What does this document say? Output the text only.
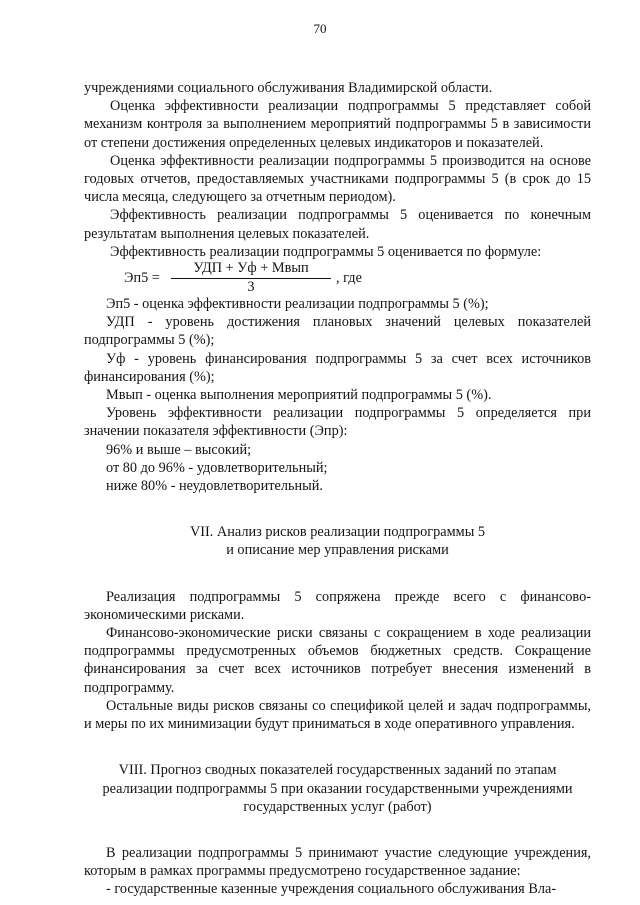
70

учреждениями социального обслуживания Владимирской области.

Оценка эффективности реализации подпрограммы 5 представляет собой механизм контроля за выполнением мероприятий подпрограммы 5 в зависимости от степени достижения определенных целевых индикаторов и показателей.

Оценка эффективности реализации подпрограммы 5 производится на основе годовых отчетов, предоставляемых участниками подпрограммы 5 (в срок до 15 числа месяца, следующего за отчетным периодом).

Эффективность реализации подпрограммы 5 оценивается по конечным результатам выполнения целевых показателей.

Эффективность реализации подпрограммы 5 оценивается по формуле:

Эп5 =
УДП + Уф + Мвып
3
, где

Эп5 - оценка эффективности реализации подпрограммы 5 (%);

УДП - уровень достижения плановых значений целевых показателей подпрограммы 5 (%);

Уф - уровень финансирования подпрограммы 5 за счет всех источников финансирования (%);

Мвып - оценка выполнения мероприятий подпрограммы 5 (%).

Уровень эффективности реализации подпрограммы 5 определяется при значении показателя эффективности (Эпр):

96% и выше – высокий;

от 80 до 96% - удовлетворительный;

ниже 80% - неудовлетворительный.

VII. Анализ рисков реализации подпрограммы 5
и описание мер управления рисками

Реализация подпрограммы 5 сопряжена прежде всего с финансово-экономическими рисками.

Финансово-экономические риски связаны с сокращением в ходе реализации подпрограммы предусмотренных объемов бюджетных средств. Сокращение финансирования за счет всех источников потребует внесения изменений в подпрограмму.

Остальные виды рисков связаны со спецификой целей и задач подпрограммы, и меры по их минимизации будут приниматься в ходе оперативного управления.

VIII. Прогноз сводных показателей государственных заданий по этапам
реализации подпрограммы 5 при оказании государственными учреждениями
государственных услуг (работ)

В реализации подпрограммы 5 принимают участие следующие учреждения, которым в рамках программы предусмотрено государственное задание:

- государственные казенные учреждения социального обслуживания Вла-
